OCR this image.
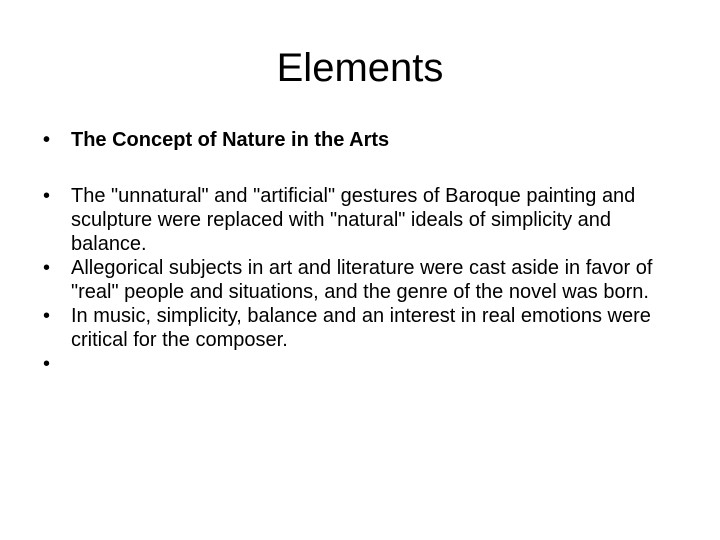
Elements
•	The Concept of Nature in the Arts
•	The "unnatural" and "artificial" gestures of Baroque painting and sculpture were replaced with "natural" ideals of simplicity and balance.
•	Allegorical subjects in art and literature were cast aside in favor of "real" people and situations, and the genre of the novel was born.
•	In music, simplicity, balance and an interest in real emotions were critical for the composer.
•
